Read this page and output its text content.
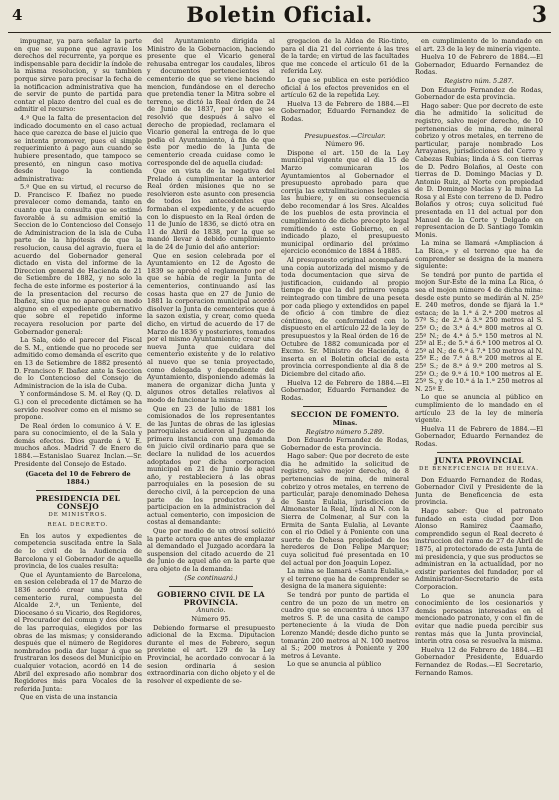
4	Boletin Oficial.	3

impugnar, ya para señalar la parte en que se supone que agravie los derechos del recurrente, ya porque es indispensable para decidir la índole de la misma resolucion, y su tambien porque sirve para precisar la fecha de la notificacion administrativa que ha de servir de punto de partida para contar el plazo dentro del cual es de admitir el recurso:

4.º Que la falta de presentacion del indicado documento en el caso actual hace que carezca de base el juicio que se intenta promover, pues el simple requerimiento á pago aun cuando se hubiere presentado, que tampoco se presentó, en ningun caso motiva desde luego la contienda administrativa:

5.º Que en su virtud, el recurso de D. Francisco F. Ibañez no puede prevalecer como demanda, tanto en cuanto que la consulta que se estimó favorable á su admision emitió la Seccion de lo Contencioso del Consejo de Administracion de la isla de Cuba parte de la hipótesis de que la resolucion, causa del agravio, fuera el acuerdo del Gobernador general dictado en vista del informe de la Direccion general de Hacienda de 21 de Setiembre de 1882, y no solo la fecha de este informe es posterior á la de la presentacion del recurso de Ibañez, sino que no aparece en modo alguno en el expediente gubernativo que sobre el repetido informe recayera resolucion por parte del Gobernador general:

La Sala, oido el parecer del Fiscal de S. M., entiende que no procede ser admitido como demanda el escrito que en 13 de Setiembre de 1882 presentó D. Francisco F. Ibañez ante la Seccion de lo Contencioso del Consejo de Administracion de la isla de Cuba.

Y conformándose S. M. el Rey (Q. D. G.) con el precedente dictámen se ha servido resolver como en el mismo se propone.

De Real órden lo comunico á V. E. para su conocimiento, el de la Sala y demás efectos. Dios guarde á V. E. muchos años. Madrid 7 de Enero de 1884.—Estanislao Suarez Inclan.—Sr. Presidente del Consejo de Estado.

(Gaceta del 10 de Febrero de 1884.)
PRESIDENCIA DEL CONSEJO
DE MINISTROS.
REAL DECRETO.

En los autos y expedientes de competencia suscitada entre la Sala de lo civil de la Audiencia de Barcelona y el Gobernador de aquella provincia, de los cuales resulta:

Que el Ayuntamiento de Barcelona, en sesion celebrada el 17 de Marzo de 1836 acordó crear una Junta de cementerio rural, compuesta del Alcalde 2.º, un Teniente, del Diocesano ó su Vicario, dos Regidores, el Procurador del comun y dos oberos de las parroquias, elegidos por las obras de las mismas; y considerando después que el número de Regidores nombrados podia dar lugar á que se frustraran los deseos del Municipio en cualquier votacion, acordó en 14 de Abril del expresado año nombrar dos Regidores más para Vocales de la referida Junta:

Que en vista de una instancia

del Ayuntamiento dirigida al Ministro de la Gobernacion, haciendo presente que el Vicario general rehusaba entregar los caudales, libros y documentos pertenecientes al cementerio de que se viene haciendo mencion, fundándose en el derecho que pretendia tener la Mitra sobre el terreno, se dictó la Real órden de 24 de Junio de 1837, por la que se resolvió que después á salvo el derecho de propiedad, reclamara el Vicario general la entrega de lo que pedia el Ayuntamiento, á fin de que éste por medio de la Junta de cementerio creada cuidase como le corresponde del de aquella ciudad:

Que en vista de la negativa del Prelado á cumplimentar la anterior Real órden misiones que no se resolvieron este asunto con presencia de todos los antecedentes que formaban el expediente, y de acuerdo con lo dispuesto en la Real órden de 11 de Junio de 1836, se dictó otra en 11 de Abril de 1838, por la que se mandó llevar á debido cumplimiento la de 24 de Junio del año anterior:

Que en sesion celebrada por el Ayuntamiento en 12 de Agosto de 1839 se aprobó el reglamento por el que se había de regir la Junta de cementerios, continuando así las cosas hasta que en 27 de Junio de 1881 la corporacion municipal acordó disolver la Junta de cementerios que á la sazon existia, y crear, como queda dicho, en virtud de acuerdo de 17 de Marzo de 1836 y posteriores, tomados por el mismo Ayuntamiento; crear una nueva Junta que cuidara del cementerio existente y de lo relativo al nuevo que se tenia proyectado, como delegada y dependiente del Ayuntamiento, disponiendo además la manera de organizar dicha Junta y algunos otros detalles relativos al modo de funcionar la misma:

Que en 23 de Julio de 1881 los comisionados de los representantes de las Juntas de obras de las iglesias parroquiales acudieron al Juzgado de primera instancia con una demanda en juicio civil ordinario para que se declare la nulidad de los acuerdos adoptados por dicha corporacion municipal en 21 de Junio de aquel año, y restableciera á las obras parroquiales en la posesion de su derecho civil, á la percepcion de una parte de los productos y á participacion en la administracion del actual cementerio, con imposicion de costas al demandante:

Que por medio de un otrosí solicitó la parte actora que antes de emplazar al demandado el Juzgado acordara la suspension del citado acuerdo de 21 de Junio de aquel año en la parte que era objeto de la demanda:

(Se continuará.)

GOBIERNO CIVIL DE LA PROVINCIA.

Anuncio.

Número 95.

Debiendo formarse el presupuesto adicional de la Excma. Diputacion durante el mes de Febrero, segun previene el art. 129 de la Ley Provincial, he acordado convocar á la sesion ordinaria á sesion extraordinaria con dicho objeto y el de resolver el expediente de se-

gregacion de la Aldea de Rio-tinto, para el dia 21 del corriente á las tres de la tarde; en virtud de las facultades que me concede el artículo 61 de la referida Ley.

Lo que se publica en este periódico oficial á los efectos prevenidos en el artículo 62 de la repetida Ley.

Huelva 13 de Febrero de 1884.—El Gobernador, Eduardo Fernandez de Rodas.

Presupuestos.—Circular.

Número 96.

Dispone el art. 150 de la Ley municipal vigente que el dia 15 de Marzo comunicaran los Ayuntamientos al Gobernador el presupuesto aprobado para que corrija las extralimitaciones legales si las hubiere, y en su consecuencia debo recomendar á los Sres. Alcaldes de los pueblos de esta provincia el cumplimiento de dicho precepto legal remitiendo á este Gobierno, en el indicado plazo, el presupuesto municipal ordinario del próximo ejercicio económico de 1884 á 1885.

Al presupuesto original acompañará una copia autorizada del mismo y de toda documentacion que sirva de justificacion, cuidando al propio tiempo de que la del primero venga reintegrado con timbre de una peseta por cada pliego y extendidos en papel de oficio á con timbre de diez céntimos, de conformidad con lo dispuesto en el artículo 22 de la ley de presupuestos y la Real órden de 16 de Octubre de 1882 comunicada por el Excmo. Sr. Ministro de Hacienda, é inserta en el Boletin oficial de esta provincia correspondiente al dia 8 de Diciembre del citado año.

Huelva 12 de Febrero de 1884.—El Gobernador, Eduardo Fernandez de Rodas.

SECCION DE FOMENTO.

Minas.

Registro número 5.289.

Don Eduardo Fernandez de Rodas, Gobernador de esta provincia.

Hago saber: Que por decreto de este dia he admitido la solicitud de registro, salvo mejor derecho, de 8 pertenencias de mina, de mineral cobrizo y otros metales, en terreno de particular, paraje denominado Dehesa de Santa Eulalia, jurisdiccion de Almonaster la Real, linda al N. con la Sierra de Colmenar, al Sur con la Ermita de Santa Eulalia, al Levante con el rio Odiel y á Poniente con una suerte de Dehesa propiedad de los herederos de Don Felipe Marquer; cuya solicitud fué presentada en 10 del actual por don Joaquin Lopez.

La mina se llamará «Santa Eulalia,» y el terreno que ha de comprender se designa de la manera siguiente:

Se tendrá por punto de partida el centro de un pozo de un metro en cuadro que se encuentra á unos 137 metros S. P. de una casita de campo perteneciente á la viuda de Don Lorenzo Mandé; desde dicho punto se tomarán 200 metros al N. 100 metros al S.; 200 metros á Poniente y 200 metros á Levante.

Lo que se anuncia al público

en cumplimiento de lo mandado en el art. 23 de la ley de minería vigente.

Huelva 10 de Febrero de 1884.—El Gobernador, Eduardo Fernandez de Rodas.

Registro núm. 5.287.

Don Eduardo Fernandez de Rodas, Gobernador de esta provincia.

Hago saber: Que por decreto de este dia he admitido la solicitud de registro, salvo mejor derecho, de 10 pertenencias de mina, de mineral cobrizo y otros metales, en terreno de particular, paraje nombrado Los Arrayanes, jurisdicciones del Cerro y Cabezas Rubias; linda á S. con tierras de D. Pedro Bolaños, al Oeste con tierras de D. Domingo Macias y D. Antonio Ruiz, al Norte con propiedad de D. Domingo Macias y la mina La Rosa y al Este con terreno de D. Pedro Bolaños y otros; cuya solicitud fué presentada en 11 del actual por don Manuel de la Corte y Delgado en representacion de D. Santiago Tomkin Monis.

La mina se llamará «Ampliacion á La Rica,» y el terreno que ha de comprender se designa de la manera siguiente:

Se tendrá por punto de partida el mojon Sur-Este de la mina La Rica, ó sea el mojon número 4 de dicha mina: desde este punto se medirán al N. 25º E. 240 metros, donde se fijará la 1.ª estaca; de la 1.ª á 2.ª 200 metros al 57º S.; de 2.ª á 3.ª 250 metros al S. 25º O.; de 3.ª á 4.ª 800 metros al O. 25º N.; de 4.ª á 5.ª 150 metros al N. 25º al E.; de 5.ª á 6.ª 100 metros al O. 25º al N.; de 6.ª á 7.ª 150 metros al N. 25º E.; de 7.ª á 8.ª 200 metros al E. 25º S.; de 8.ª á 9.ª 200 metros al S. 25º O.; de 9.ª á 10.ª 100 metros al E. 25º S., y de 10.ª á la 1.ª 250 metros al N. 25º E.

Lo que se anuncia al público en cumplimiento de lo mandado en el artículo 23 de la ley de minería vigente.

Huelva 11 de Febrero de 1884.—El Gobernador, Eduardo Fernandez de Rodas.

JUNTA PROVINCIAL
DE BENEFICENCIA DE HUELVA.

Don Eduardo Fernandez de Rodas, Gobernador Civil y Presidente de la Junta de Beneficencia de esta provincia.

Hago saber: Que el patronato fundado en esta ciudad por Don Alonso Ramirez Caamaño, comprendido segun el Real decreto é instruccion del ramo de 27 de Abril de 1875, al protectorado de esta Junta de mi presidencia, y que sus productos se administran en la actualidad, por no existir parientes del fundador, por el Administrador-Secretario de esta Corporacion.

Lo que se anuncia para conocimiento de los cesionarios y demás personas interesadas en el mencionado patronato, y con el fin de evitar que nadie pueda percibir sus rentas más que la Junta provincial, interin otra cosa se resuelva la misma.

Huelva 12 de Febrero de 1884.—El Gobernador Presidente, Eduardo Fernandez de Rodas.—El Secretario, Fernando Ramos.
